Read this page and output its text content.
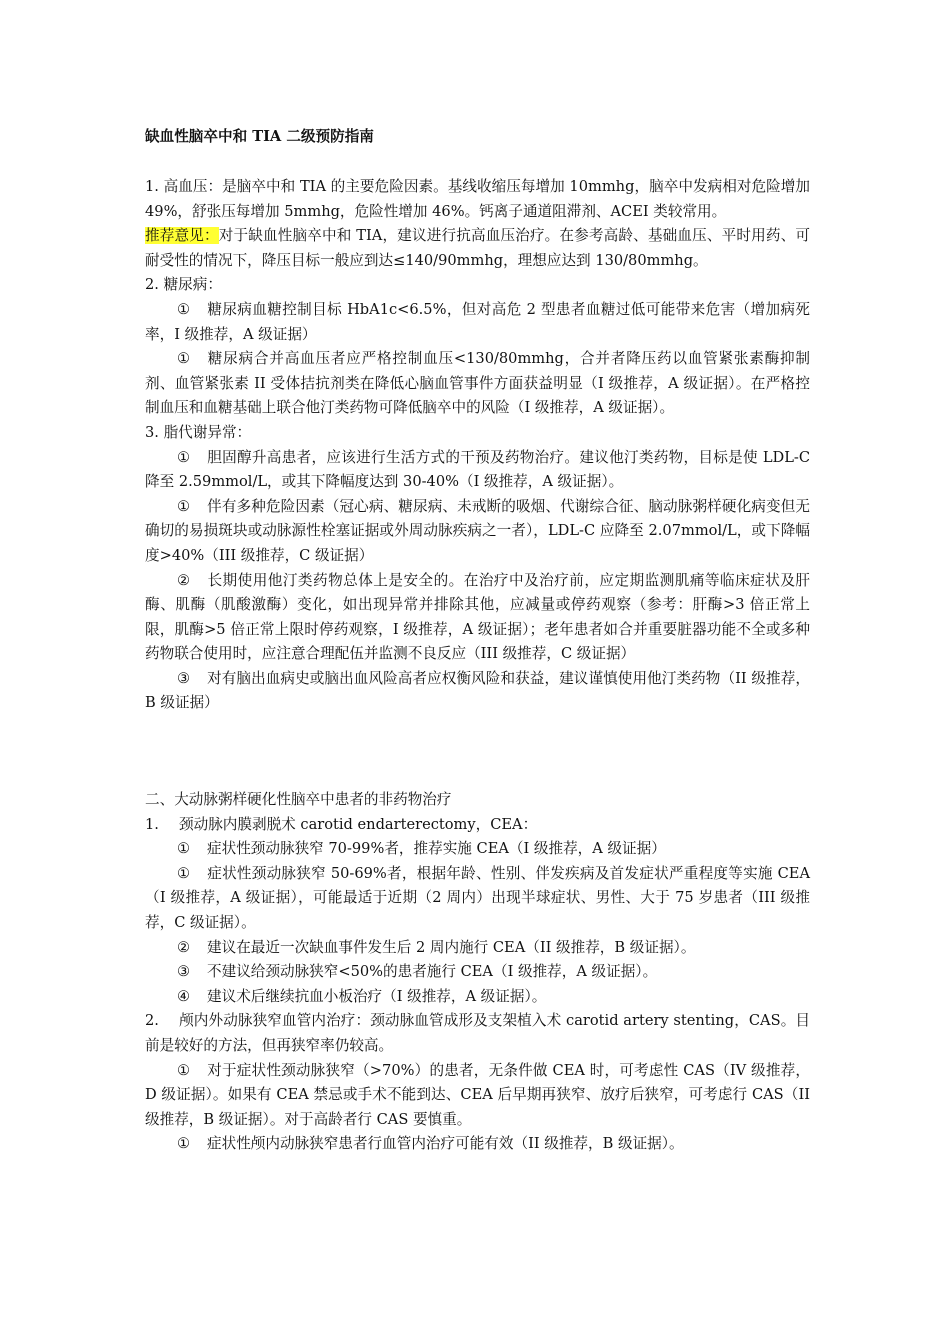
缺血性脑卒中和 TIA 二级预防指南

1. 高血压：是脑卒中和 TIA 的主要危险因素。基线收缩压每增加 10mmhg，脑卒中发病相对危险增加 49%，舒张压每增加 5mmhg，危险性增加 46%。钙离子通道阻滞剂、ACEI 类较常用。

推荐意见：对于缺血性脑卒中和 TIA，建议进行抗高血压治疗。在参考高龄、基础血压、平时用药、可耐受性的情况下，降压目标一般应到达≤140/90mmhg，理想应达到 130/80mmhg。

2. 糖尿病：

① 糖尿病血糖控制目标 HbA1c<6.5%，但对高危 2 型患者血糖过低可能带来危害（增加病死率，I 级推荐，A 级证据）

① 糖尿病合并高血压者应严格控制血压<130/80mmhg，合并者降压药以血管紧张素酶抑制剂、血管紧张素 II 受体拮抗剂类在降低心脑血管事件方面获益明显（I 级推荐，A 级证据）。在严格控制血压和血糖基础上联合他汀类药物可降低脑卒中的风险（I 级推荐，A 级证据）。

3. 脂代谢异常：

① 胆固醇升高患者，应该进行生活方式的干预及药物治疗。建议他汀类药物，目标是使 LDL-C 降至 2.59mmol/L，或其下降幅度达到 30-40%（I 级推荐，A 级证据）。

① 伴有多种危险因素（冠心病、糖尿病、未戒断的吸烟、代谢综合征、脑动脉粥样硬化病变但无确切的易损斑块或动脉源性栓塞证据或外周动脉疾病之一者），LDL-C 应降至 2.07mmol/L，或下降幅度>40%（III 级推荐，C 级证据）

② 长期使用他汀类药物总体上是安全的。在治疗中及治疗前，应定期监测肌痛等临床症状及肝酶、肌酶（肌酸激酶）变化，如出现异常并排除其他，应减量或停药观察（参考：肝酶>3 倍正常上限，肌酶>5 倍正常上限时停药观察，I 级推荐，A 级证据）；老年患者如合并重要脏器功能不全或多种药物联合使用时，应注意合理配伍并监测不良反应（III 级推荐，C 级证据）

③ 对有脑出血病史或脑出血风险高者应权衡风险和获益，建议谨慎使用他汀类药物（II 级推荐，B 级证据）

二、大动脉粥样硬化性脑卒中患者的非药物治疗

1. 颈动脉内膜剥脱术 carotid endarterectomy，CEA：

① 症状性颈动脉狭窄 70-99%者，推荐实施 CEA（I 级推荐，A 级证据）

① 症状性颈动脉狭窄 50-69%者，根据年龄、性别、伴发疾病及首发症状严重程度等实施 CEA（I 级推荐，A 级证据），可能最适于近期（2 周内）出现半球症状、男性、大于 75 岁患者（III 级推荐，C 级证据）。

② 建议在最近一次缺血事件发生后 2 周内施行 CEA（II 级推荐，B 级证据）。

③ 不建议给颈动脉狭窄<50%的患者施行 CEA（I 级推荐，A 级证据）。

④ 建议术后继续抗血小板治疗（I 级推荐，A 级证据）。

2. 颅内外动脉狭窄血管内治疗：颈动脉血管成形及支架植入术 carotid artery stenting，CAS。目前是较好的方法，但再狭窄率仍较高。

① 对于症状性颈动脉狭窄（>70%）的患者，无条件做 CEA 时，可考虑性 CAS（IV 级推荐，D 级证据）。如果有 CEA 禁忌或手术不能到达、CEA 后早期再狭窄、放疗后狭窄，可考虑行 CAS（II 级推荐，B 级证据）。对于高龄者行 CAS 要慎重。

① 症状性颅内动脉狭窄患者行血管内治疗可能有效（II 级推荐，B 级证据）。
